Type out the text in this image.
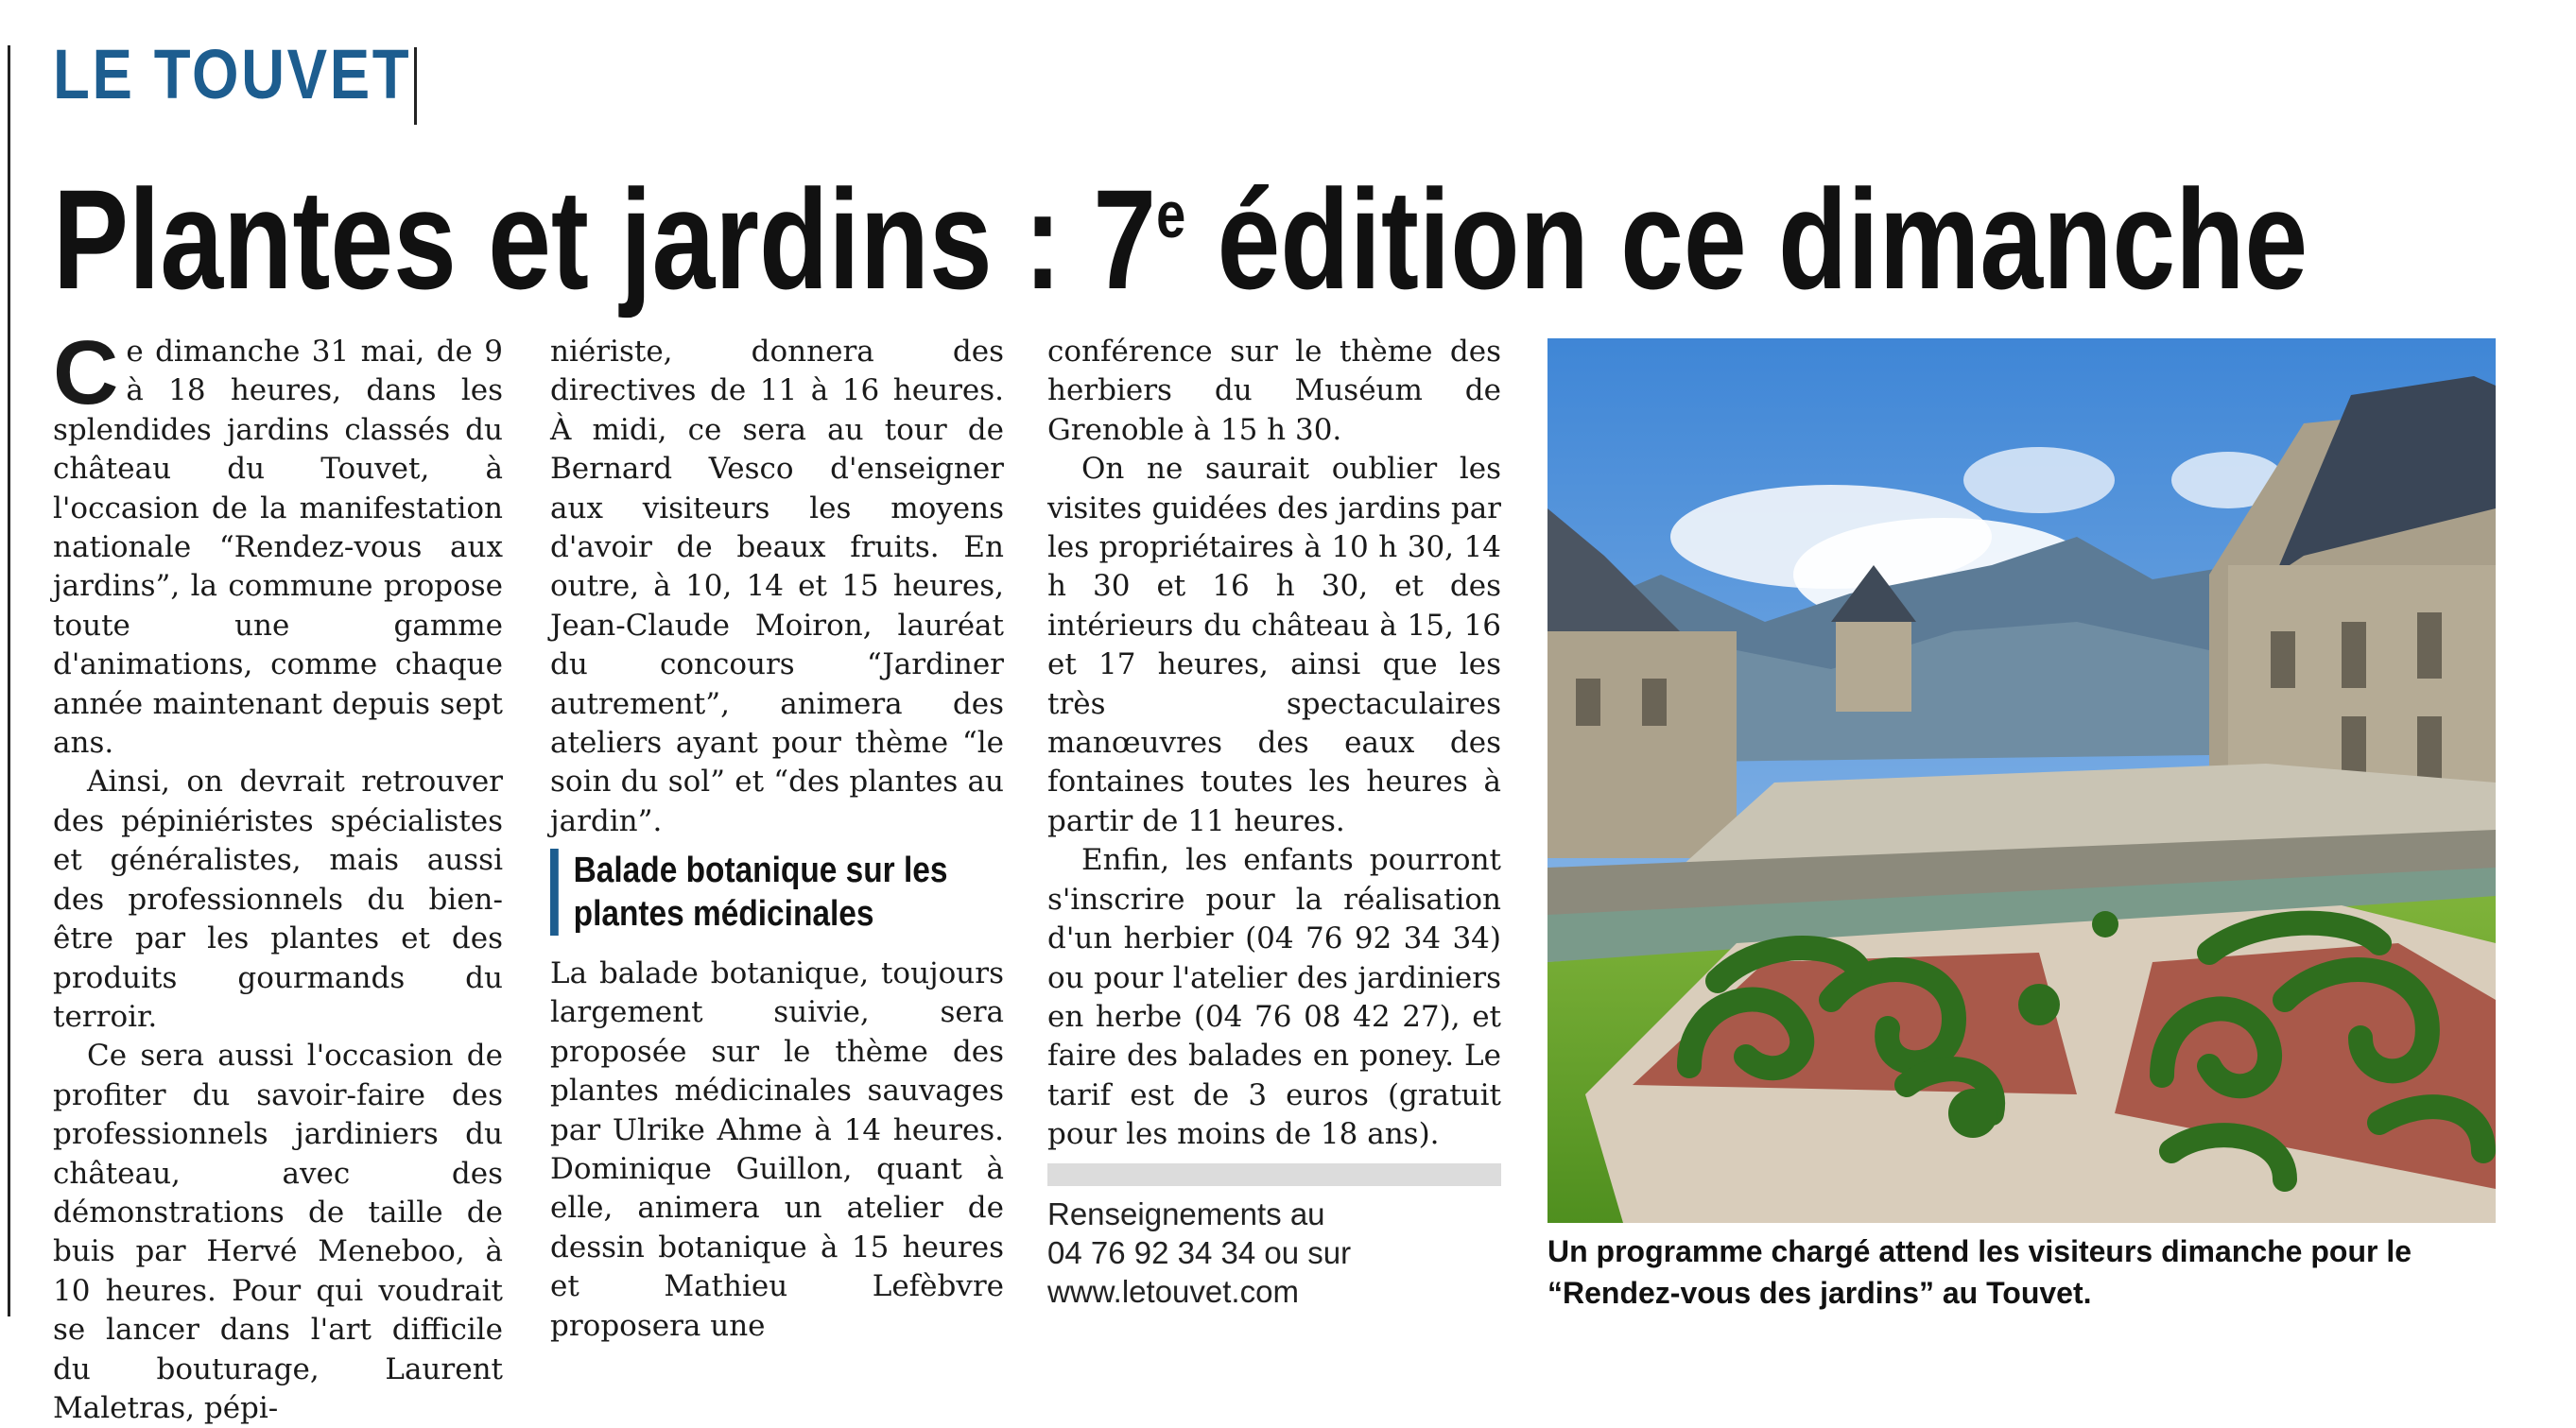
LE TOUVET
Plantes et jardins : 7e édition ce dimanche

Ce dimanche 31 mai, de 9 à 18 heures, dans les splendides jardins classés du château du Touvet, à l'occasion de la manifestation nationale “Rendez-vous aux jardins”, la commune propose toute une gamme d'animations, comme chaque année maintenant depuis sept ans.

Ainsi, on devrait retrouver des pépiniéristes spécialistes et généralistes, mais aussi des professionnels du bien-être par les plantes et des produits gourmands du terroir.

Ce sera aussi l'occasion de profiter du savoir-faire des professionnels jardiniers du château, avec des démonstrations de taille de buis par Hervé Meneboo, à 10 heures. Pour qui voudrait se lancer dans l'art difficile du bouturage, Laurent Maletras, pépi-

niériste, donnera des directives de 11 à 16 heures. À midi, ce sera au tour de Bernard Vesco d'enseigner aux visiteurs les moyens d'avoir de beaux fruits. En outre, à 10, 14 et 15 heures, Jean-Claude Moiron, lauréat du concours “Jardiner autrement”, animera des ateliers ayant pour thème “le soin du sol” et “des plantes au jardin”.

Balade botanique sur les plantes médicinales

La balade botanique, toujours largement suivie, sera proposée sur le thème des plantes médicinales sauvages par Ulrike Ahme à 14 heures. Dominique Guillon, quant à elle, animera un atelier de dessin botanique à 15 heures et Mathieu Lefèbvre proposera une

conférence sur le thème des herbiers du Muséum de Grenoble à 15 h 30.

On ne saurait oublier les visites guidées des jardins par les propriétaires à 10 h 30, 14 h 30 et 16 h 30, et des intérieurs du château à 15, 16 et 17 heures, ainsi que les très spectaculaires manœuvres des eaux des fontaines toutes les heures à partir de 11 heures.

Enfin, les enfants pourront s'inscrire pour la réalisation d'un herbier (04 76 92 34 34) ou pour l'atelier des jardiniers en herbe (04 76 08 42 27), et faire des balades en poney. Le tarif est de 3 euros (gratuit pour les moins de 18 ans).

Renseignements au
04 76 92 34 34 ou sur
www.letouvet.com
Un programme chargé attend les visiteurs dimanche pour le “Rendez-vous des jardins” au Touvet.
